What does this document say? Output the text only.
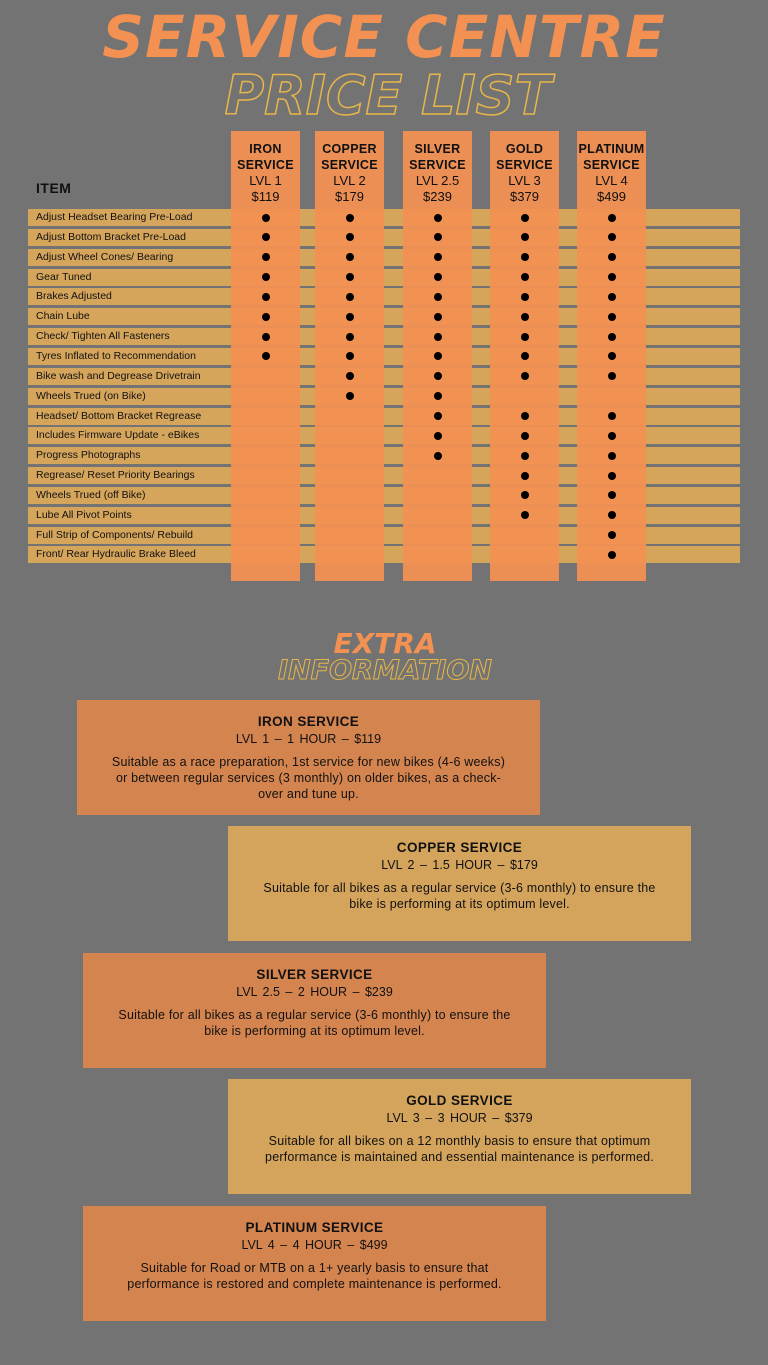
SERVICE CENTRE
PRICE LIST
ITEM
IRON
SERVICE
LVL 1
$119
COPPER
SERVICE
LVL 2
$179
SILVER
SERVICE
LVL 2.5
$239
GOLD
SERVICE
LVL 3
$379
PLATINUM
SERVICE
LVL 4
$499
Adjust Headset Bearing Pre-Load
Adjust Bottom Bracket Pre-Load
Adjust Wheel Cones/ Bearing
Gear Tuned
Brakes Adjusted
Chain Lube
Check/ Tighten All Fasteners
Tyres Inflated to Recommendation
Bike wash and Degrease Drivetrain
Wheels Trued (on Bike)
Headset/ Bottom Bracket Regrease
Includes Firmware Update - eBikes
Progress Photographs
Regrease/ Reset Priority Bearings
Wheels Trued (off Bike)
Lube All Pivot Points
Full Strip of Components/ Rebuild
Front/ Rear Hydraulic Brake Bleed
EXTRA
INFORMATION
IRON SERVICE
LVL 1 – 1 HOUR – $119
Suitable as a race preparation, 1st service for new bikes (4-6 weeks) or between regular services (3 monthly) on older bikes, as a check-over and tune up.
COPPER SERVICE
LVL 2 – 1.5 HOUR – $179
Suitable for all bikes as a regular service (3-6 monthly) to ensure the bike is performing at its optimum level.
SILVER SERVICE
LVL 2.5 – 2 HOUR – $239
Suitable for all bikes as a regular service (3-6 monthly) to ensure the bike is performing at its optimum level.
GOLD SERVICE
LVL 3 – 3 HOUR – $379
Suitable for all bikes on a 12 monthly basis to ensure that optimum performance is maintained and essential maintenance is performed.
PLATINUM SERVICE
LVL 4 – 4 HOUR – $499
Suitable for Road or MTB on a 1+ yearly basis to ensure that performance is restored and complete maintenance is performed.
